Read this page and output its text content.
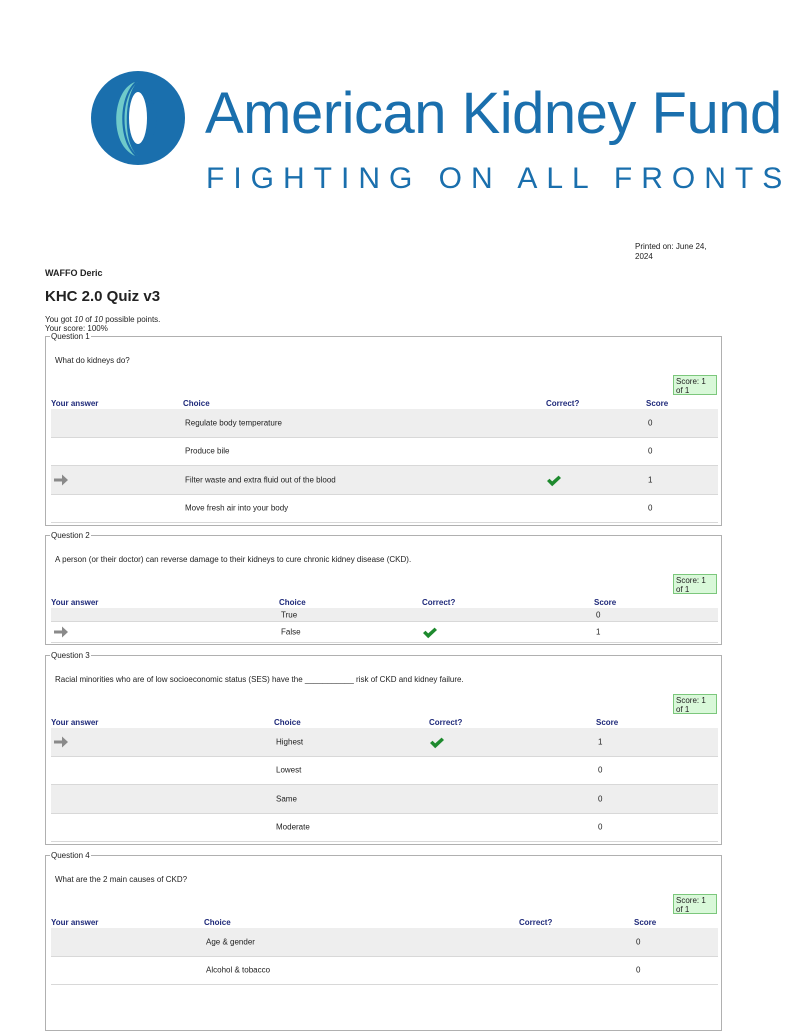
American Kidney Fund
FIGHTING ON ALL FRONTS
Printed on: June 24, 2024
WAFFO Deric
KHC 2.0 Quiz v3
You got 10 of 10 possible points.
Your score: 100%
Question 1
What do kidneys do?
Score: 1 of 1
Your answer	Choice	Correct?	Score
Regulate body temperature	0
Produce bile	0
Filter waste and extra fluid out of the blood	1
Move fresh air into your body	0
Question 2
A person (or their doctor) can reverse damage to their kidneys to cure chronic kidney disease (CKD).
Score: 1 of 1
Your answer	Choice	Correct?	Score
True	0
False	1
Question 3
Racial minorities who are of low socioeconomic status (SES) have the ___________ risk of CKD and kidney failure.
Score: 1 of 1
Your answer	Choice	Correct?	Score
Highest	1
Lowest	0
Same	0
Moderate	0
Question 4
What are the 2 main causes of CKD?
Score: 1 of 1
Your answer	Choice	Correct?	Score
Age & gender	0
Alcohol & tobacco	0
